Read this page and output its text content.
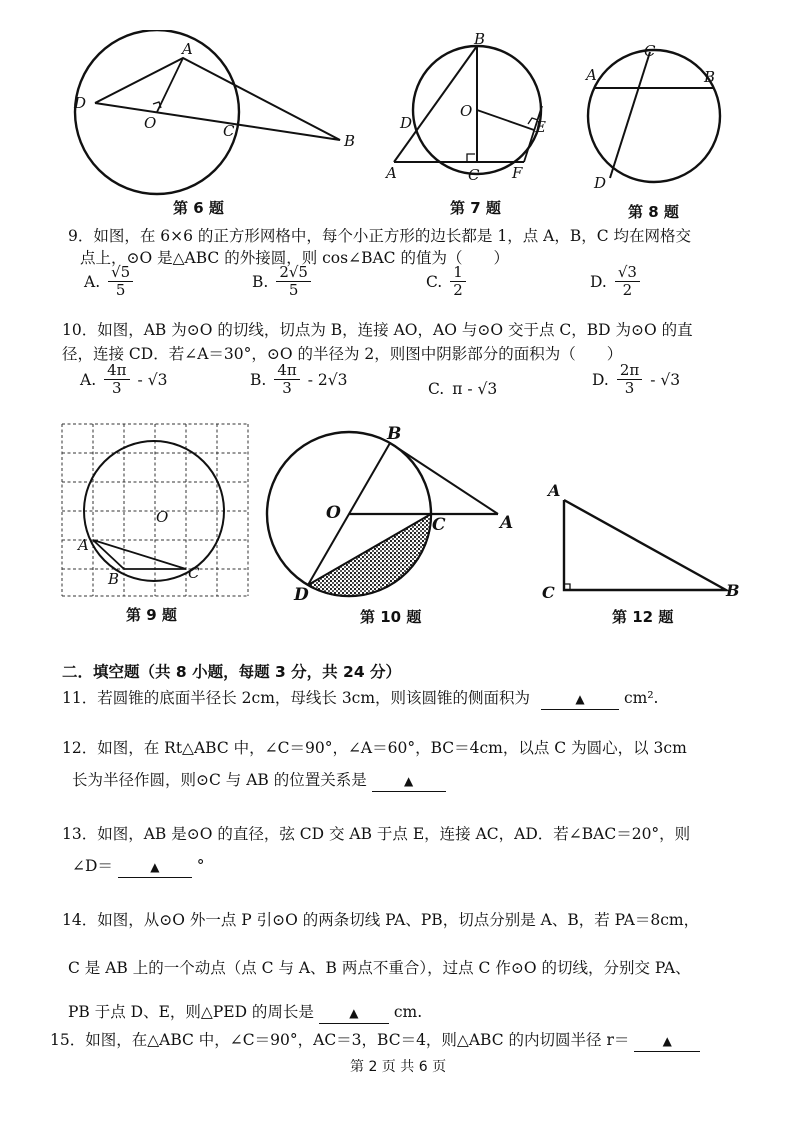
A
D
O	C
B
第 6 题
B
O
D	E
A	C F
第 7 题
C
A	B
D
第 8 题
9．如图，在 6×6 的正方形网格中，每个小正方形的边长都是 1，点 A，B，C 均在网格交
点上，⊙O 是△ABC 的外接圆，则 cos∠BAC 的值为（　　）
A. $\frac{√5}{5}$	B. $\frac{2√5}{5}$	C. $\frac{1}{2}$	D. $\frac{√3}{2}$
10．如图，AB 为⊙O 的切线，切点为 B，连接 AO，AO 与⊙O 交于点 C，BD 为⊙O 的直
径，连接 CD．若∠A＝30°，⊙O 的半径为 2，则图中阴影部分的面积为（　　）
A. $\frac{4\pi}{3} - √3$	B. $\frac{4\pi}{3} - 2√3$
C. π - √3
D. $\frac{2\pi}{3} - √3$
O
A
B	C
第 9 题
B
O
C	A
D
第 10 题
A
C	B
第 12 题
二．填空题（共 8 小题，每题 3 分，共 24 分）
11．若圆锥的底面半径长 2cm，母线长 3cm，则该圆锥的侧面积为	▲	cm².
12．如图，在 Rt△ABC 中，∠C＝90°，∠A＝60°，BC＝4cm，以点 C 为圆心，以 3cm
长为半径作圆，则⊙C 与 AB 的位置关系是	▲
13．如图，AB 是⊙O 的直径，弦 CD 交 AB 于点 E，连接 AC，AD．若∠BAC＝20°，则
∠D＝	▲ °
14．如图，从⊙O 外一点 P 引⊙O 的两条切线 PA、PB，切点分别是 A、B，若 PA＝8cm，
C 是 AB 上的一个动点（点 C 与 A、B 两点不重合），过点 C 作⊙O 的切线，分别交 PA、
PB 于点 D、E，则△PED 的周长是	▲ cm.
15．如图，在△ABC 中，∠C＝90°，AC＝3，BC＝4，则△ABC 的内切圆半径 r＝	▲
第 2 页 共 6 页
